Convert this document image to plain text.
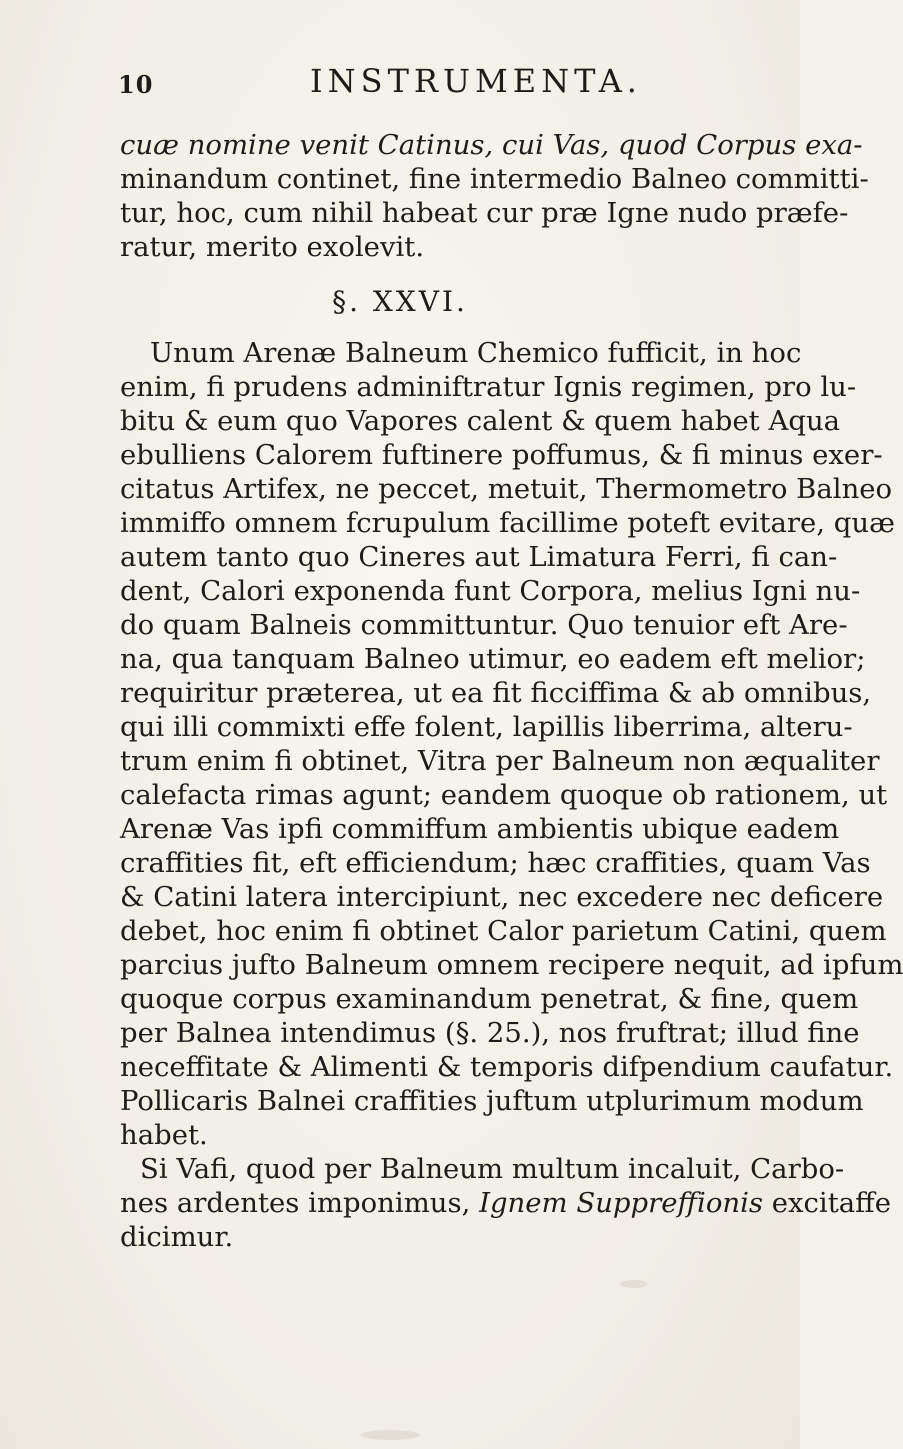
10	INSTRUMENTA.
cuæ nomine venit Catinus, cui Vas, quod Corpus exa-
minandum continet, fine intermedio Balneo committi-
tur, hoc, cum nihil habeat cur præ Igne nudo præfe-
ratur, merito exolevit.
§. XXVI.
Unum Arenæ Balneum Chemico fufficit, in hoc
enim, fi prudens adminiftratur Ignis regimen, pro lu-
bitu & eum quo Vapores calent & quem habet Aqua
ebulliens Calorem fuftinere poffumus, & fi minus exer-
citatus Artifex, ne peccet, metuit, Thermometro Balneo
immiffo omnem fcrupulum facillime poteft evitare, quæ
autem tanto quo Cineres aut Limatura Ferri, fi can-
dent, Calori exponenda funt Corpora, melius Igni nu-
do quam Balneis committuntur. Quo tenuior eft Are-
na, qua tanquam Balneo utimur, eo eadem eft melior;
requiritur præterea, ut ea fit ficciffima & ab omnibus,
qui illi commixti effe folent, lapillis liberrima, alteru-
trum enim fi obtinet, Vitra per Balneum non æqualiter
calefacta rimas agunt; eandem quoque ob rationem, ut
Arenæ Vas ipfi commiffum ambientis ubique eadem
craffities fit, eft efficiendum; hæc craffities, quam Vas
& Catini latera intercipiunt, nec excedere nec deficere
debet, hoc enim fi obtinet Calor parietum Catini, quem
parcius jufto Balneum omnem recipere nequit, ad ipfum
quoque corpus examinandum penetrat, & fine, quem
per Balnea intendimus (§. 25.), nos fruftrat; illud fine
neceffitate & Alimenti & temporis difpendium caufatur.
Pollicaris Balnei craffities juftum utplurimum modum
habet.
Si Vafi, quod per Balneum multum incaluit, Carbo-
nes ardentes imponimus, Ignem Suppreffionis excitaffe
dicimur.
